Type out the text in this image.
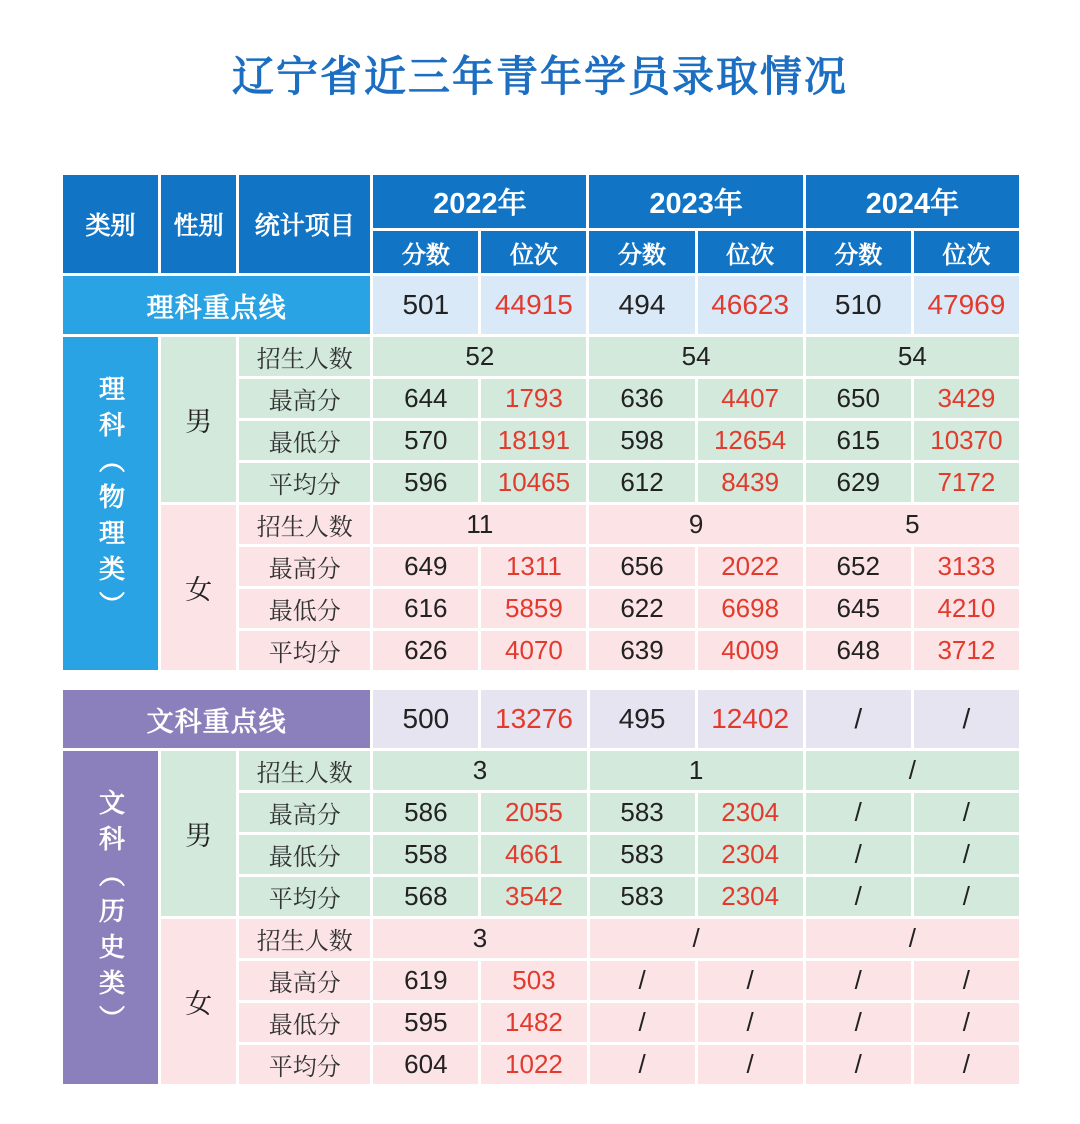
辽宁省近三年青年学员录取情况
类别	性别	统计项目	2022年		2023年		2024年	
			分数	位次	分数	位次	分数	位次
理科重点线			501	44915	494	46623	510	47969
理科（物理类）	男	招生人数	52		54		54	
		最高分	644	1793	636	4407	650	3429
		最低分	570	18191	598	12654	615	10370
		平均分	596	10465	612	8439	629	7172
	女	招生人数	11		9		5	
		最高分	649	1311	656	2022	652	3133
		最低分	616	5859	622	6698	645	4210
		平均分	626	4070	639	4009	648	3712
文科重点线			500	13276	495	12402	/	/
文科（历史类）	男	招生人数	3		1		/	
		最高分	586	2055	583	2304	/	/
		最低分	558	4661	583	2304	/	/
		平均分	568	3542	583	2304	/	/
	女	招生人数	3		/		/	
		最高分	619	503	/	/	/	/
		最低分	595	1482	/	/	/	/
		平均分	604	1022	/	/	/	/
